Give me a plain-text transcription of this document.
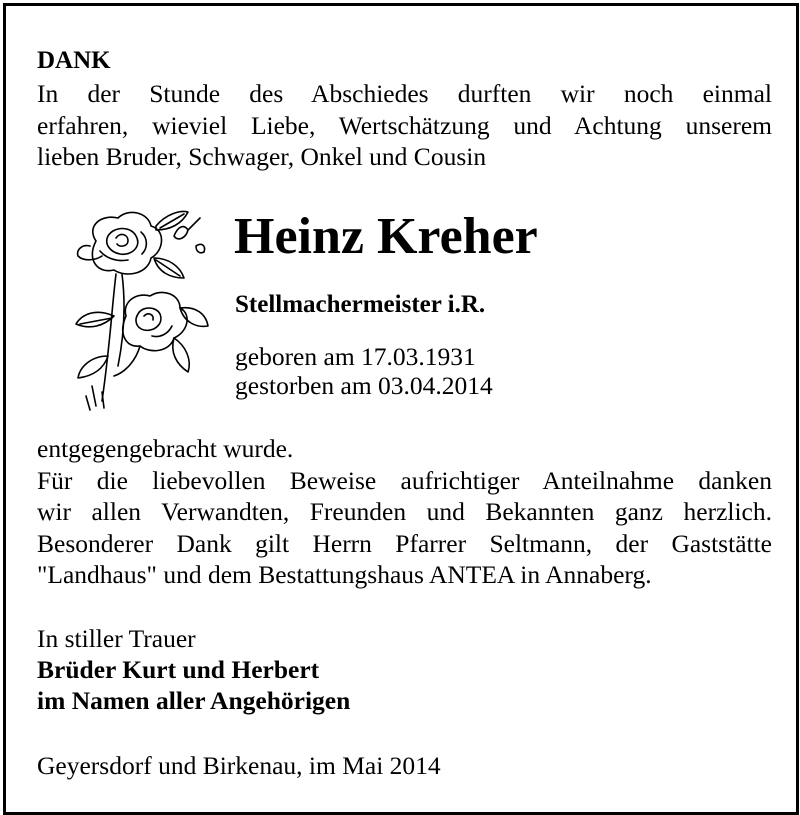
DANK
In der Stunde des Abschiedes durften wir noch einmal
erfahren, wieviel Liebe, Wertschätzung und Achtung unserem
lieben Bruder, Schwager, Onkel und Cousin
Heinz Kreher
Stellmachermeister i.R.
geboren am 17.03.1931
gestorben am 03.04.2014
entgegengebracht wurde.
Für die liebevollen Beweise aufrichtiger Anteilnahme danken
wir allen Verwandten, Freunden und Bekannten ganz herzlich.
Besonderer Dank gilt Herrn Pfarrer Seltmann, der Gaststätte
"Landhaus" und dem Bestattungshaus ANTEA in Annaberg.
In stiller Trauer
Brüder Kurt und Herbert
im Namen aller Angehörigen
Geyersdorf und Birkenau, im Mai 2014
